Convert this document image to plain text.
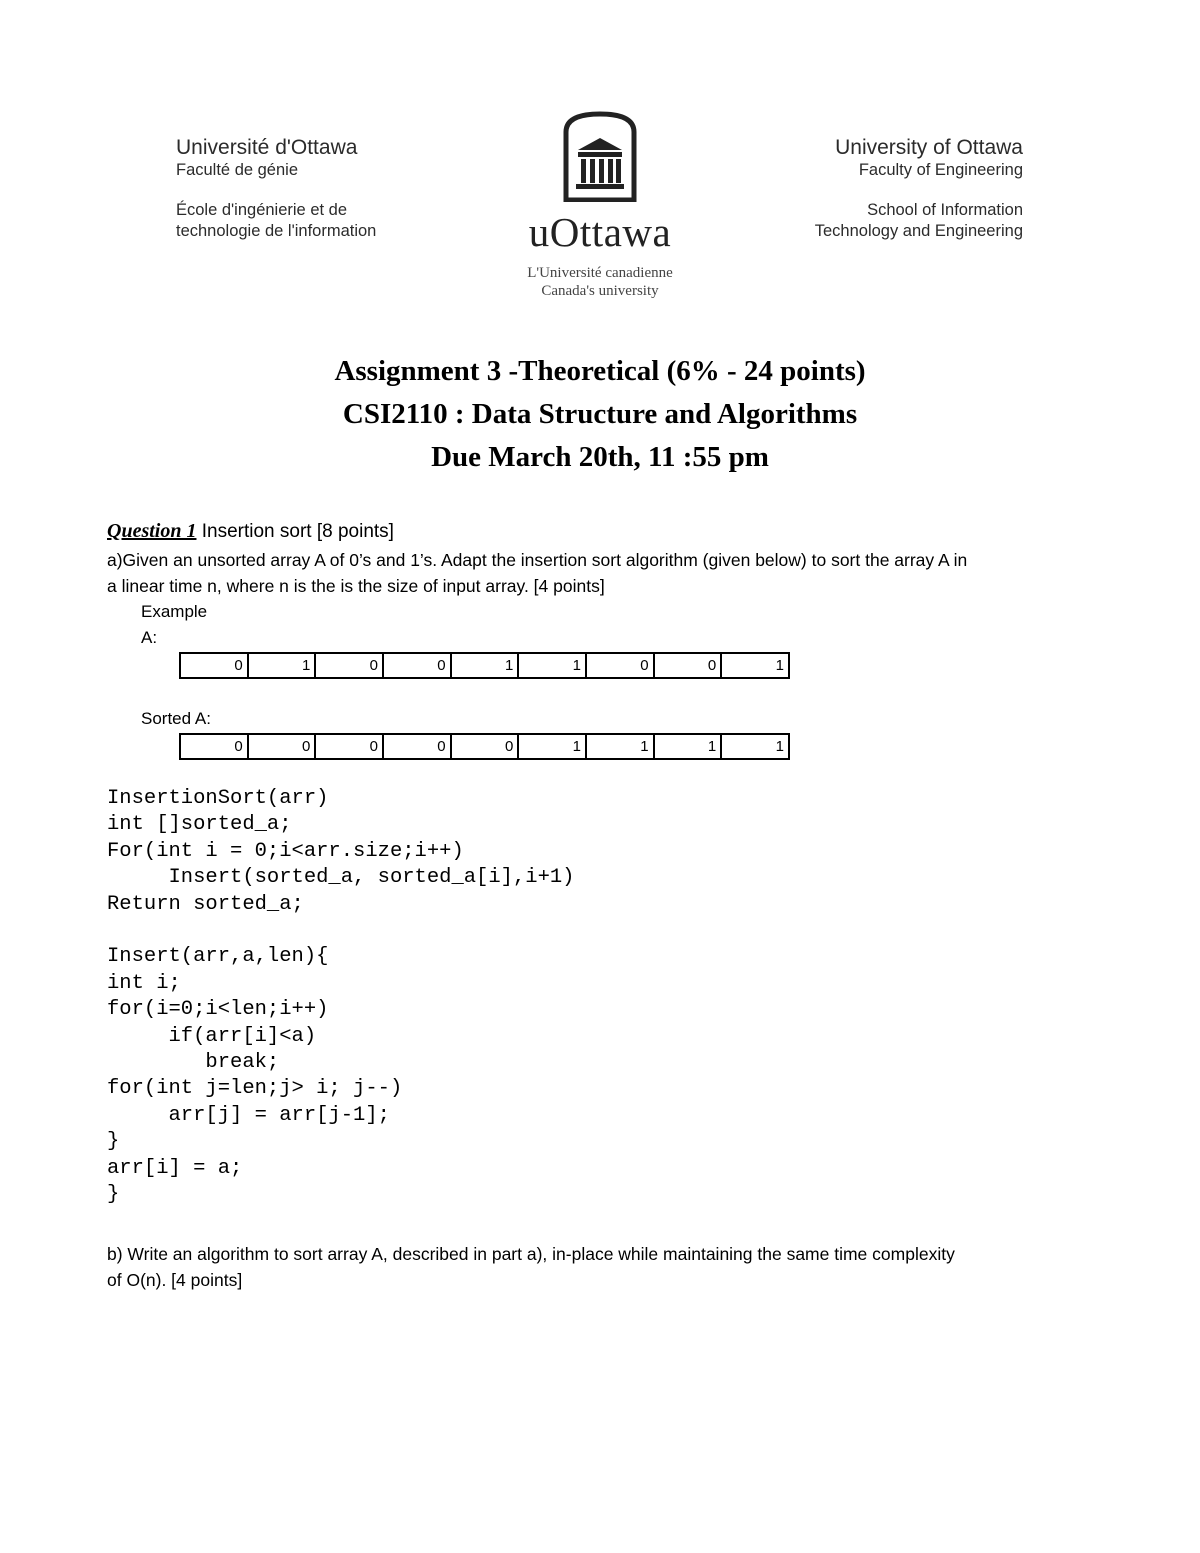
Université d'Ottawa
Faculté de génie
École d'ingénierie et de
technologie de l'information	uOttawa
L'Université canadienne
Canada's university
University of Ottawa
Faculty of Engineering
School of Information
Technology and Engineering
Assignment 3 -Theoretical (6% - 24 points)
CSI2110 : Data Structure and Algorithms
Due March 20th, 11 :55 pm
Question 1 Insertion sort [8 points]
a)Given an unsorted array A of 0’s and 1’s. Adapt the insertion sort algorithm (given below) to sort the array A in
a linear time n, where n is the is the size of input array. [4 points]
Example
A:
0	1	0	0	1	1	0	0	1
Sorted A:
0	0	0	0	0	1	1	1	1
InsertionSort(arr)
int []sorted_a;
For(int i = 0;i<arr.size;i++)
Insert(sorted_a, sorted_a[i],i+1)
Return sorted_a;

Insert(arr,a,len){
int i;
for(i=0;i<len;i++)
if(arr[i]<a)
break;
for(int j=len;j> i; j--)
arr[j] = arr[j-1];
}
arr[i] = a;
}
b) Write an algorithm to sort array A, described in part a), in-place while maintaining the same time complexity
of O(n). [4 points]
